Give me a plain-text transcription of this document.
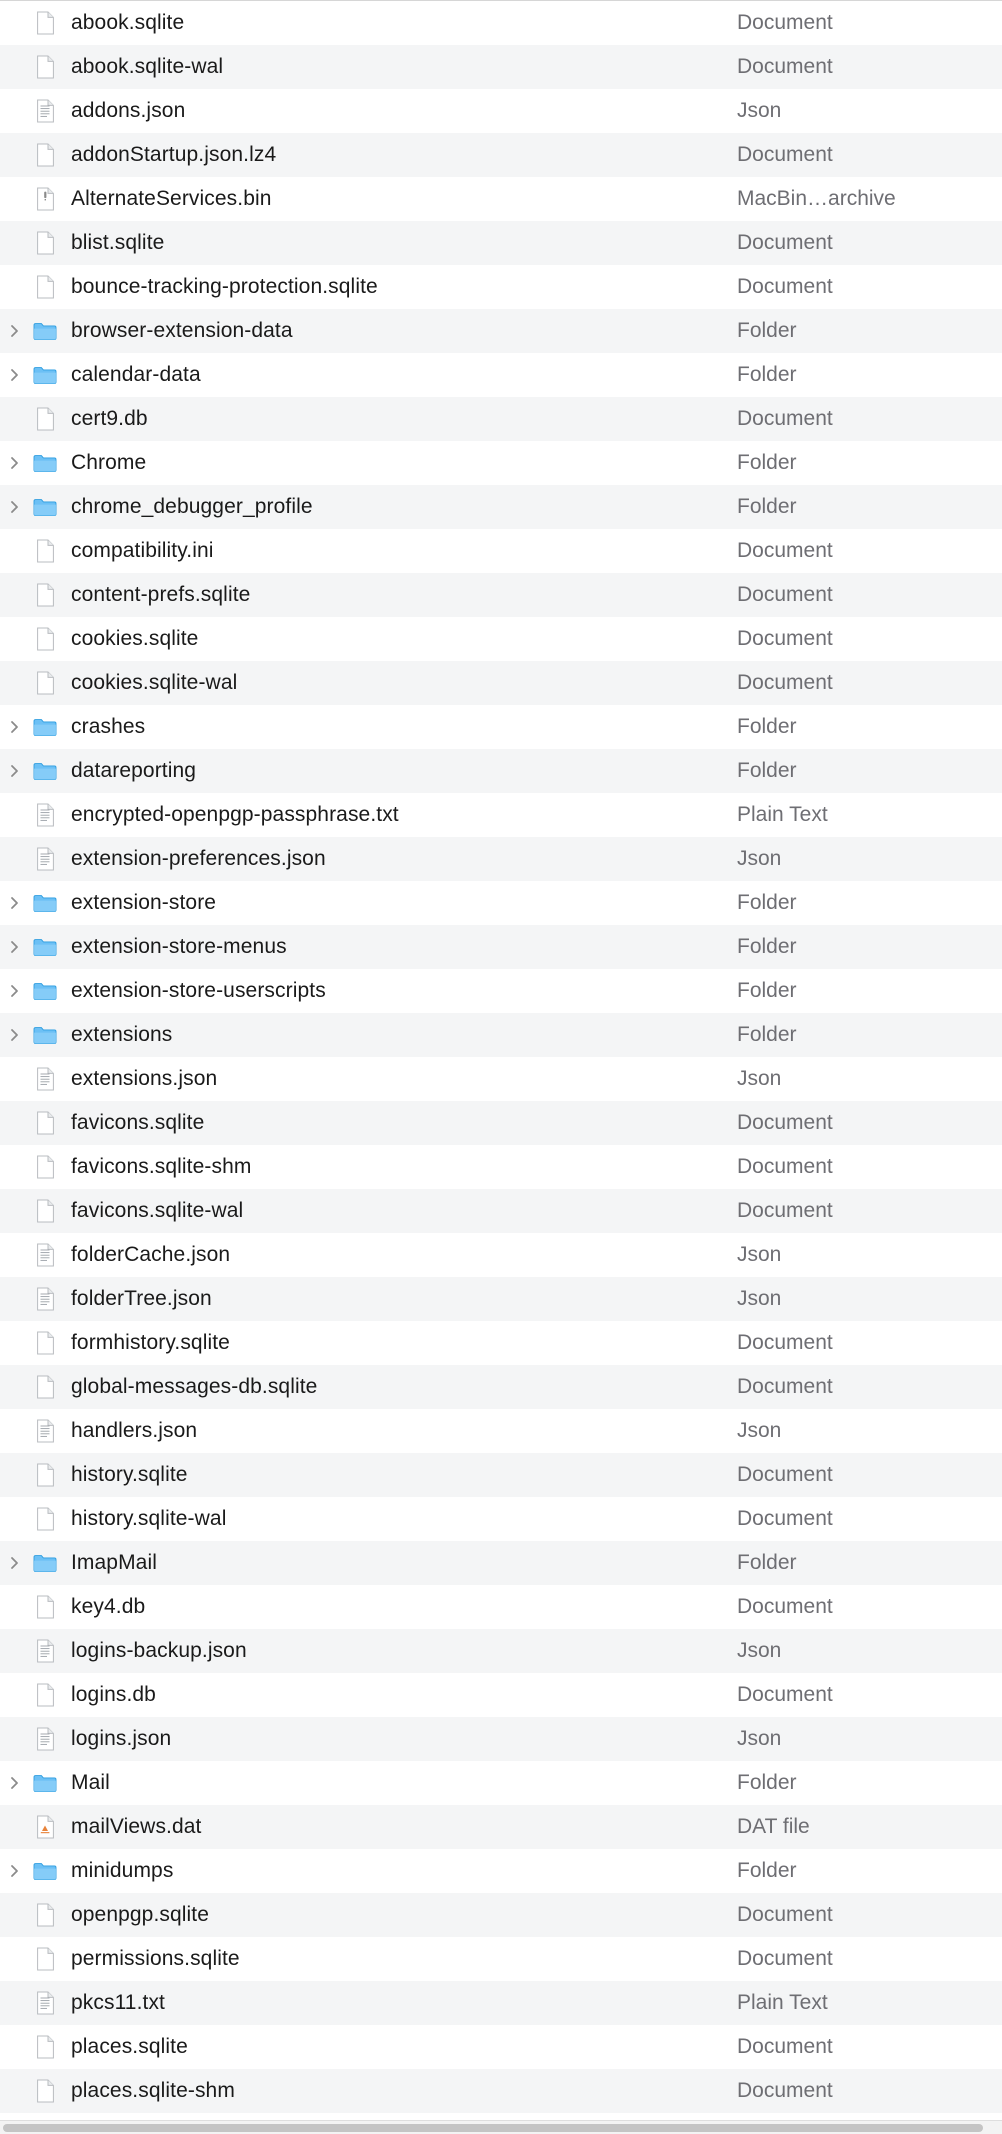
abook.sqlite	Document
abook.sqlite-wal	Document
addons.json	Json
addonStartup.json.lz4	Document
AlternateServices.bin	MacBin…archive
blist.sqlite	Document
bounce-tracking-protection.sqlite	Document
browser-extension-data	Folder
calendar-data	Folder
cert9.db	Document
Chrome	Folder
chrome_debugger_profile	Folder
compatibility.ini	Document
content-prefs.sqlite	Document
cookies.sqlite	Document
cookies.sqlite-wal	Document
crashes	Folder
datareporting	Folder
encrypted-openpgp-passphrase.txt	Plain Text
extension-preferences.json	Json
extension-store	Folder
extension-store-menus	Folder
extension-store-userscripts	Folder
extensions	Folder
extensions.json	Json
favicons.sqlite	Document
favicons.sqlite-shm	Document
favicons.sqlite-wal	Document
folderCache.json	Json
folderTree.json	Json
formhistory.sqlite	Document
global-messages-db.sqlite	Document
handlers.json	Json
history.sqlite	Document
history.sqlite-wal	Document
ImapMail	Folder
key4.db	Document
logins-backup.json	Json
logins.db	Document
logins.json	Json
Mail	Folder
mailViews.dat	DAT file
minidumps	Folder
openpgp.sqlite	Document
permissions.sqlite	Document
pkcs11.txt	Plain Text
places.sqlite	Document
places.sqlite-shm	Document
